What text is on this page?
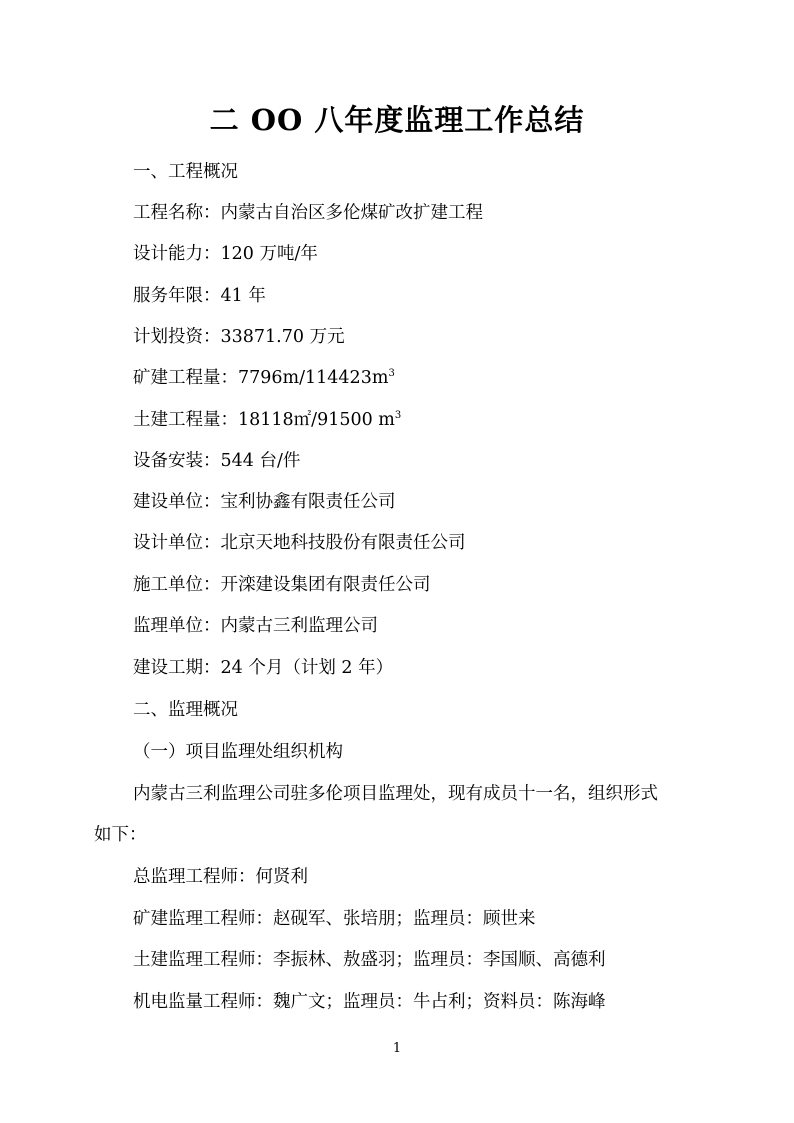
二 OO 八年度监理工作总结
一、工程概况
工程名称：内蒙古自治区多伦煤矿改扩建工程
设计能力：120 万吨/年
服务年限：41 年
计划投资：33871.70 万元
矿建工程量：$7796m/114423m^3$
土建工程量：18118㎡/91500 $m^3$
设备安装：544 台/件
建设单位：宝利协鑫有限责任公司
设计单位：北京天地科技股份有限责任公司
施工单位：开滦建设集团有限责任公司
监理单位：内蒙古三利监理公司
建设工期：24 个月（计划 2 年）
二、监理概况
（一）项目监理处组织机构
内蒙古三利监理公司驻多伦项目监理处，现有成员十一名，组织形式
如下：
总监理工程师：何贤利
矿建监理工程师：赵砚军、张培朋；监理员：顾世来
土建监理工程师：李振林、敖盛羽；监理员：李国顺、高德利
机电监量工程师：魏广文；监理员：牛占利；资料员：陈海峰
1
